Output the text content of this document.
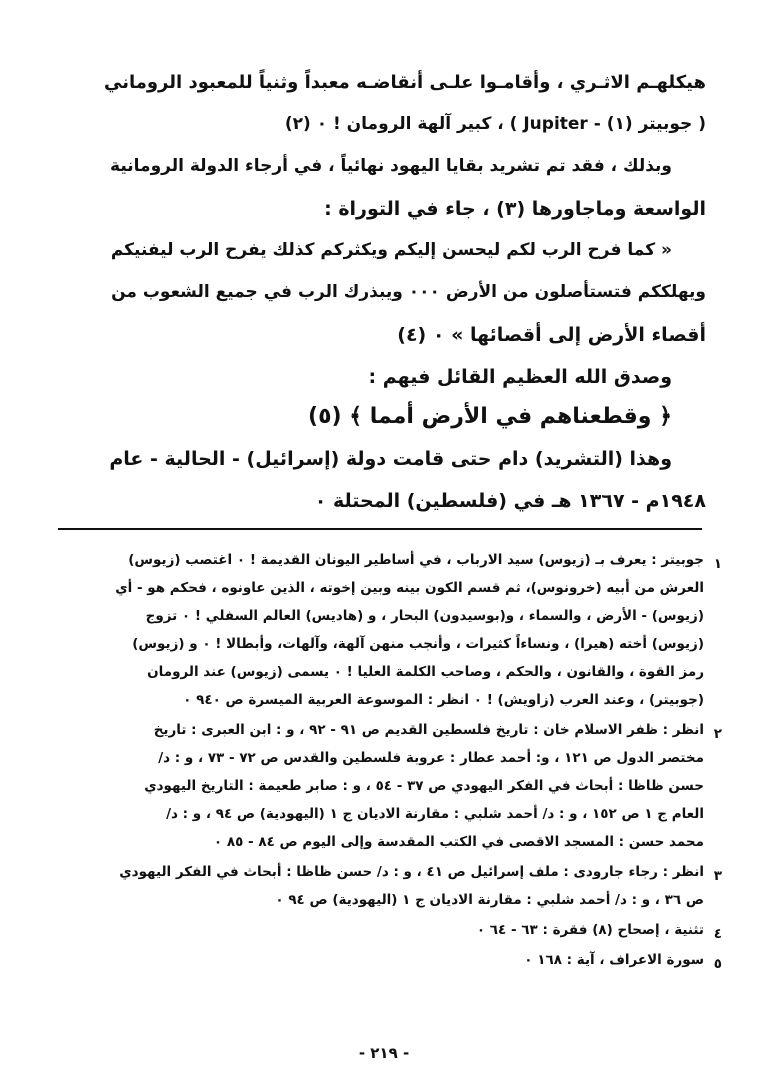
هيكلهـم الاثـري ، وأقامـوا علـى أنقاضـه معبداً وثنياً للمعبود الروماني
( جوبيتر (١) - Jupiter ) ، كبير آلهة الرومان ! ٠ (٢)
وبذلك ، فقد تم تشريد بقايا اليهود نهائياً ، في أرجاء الدولة الرومانية
الواسعة وماجاورها (٣) ، جاء في التوراة :
« كما فرح الرب لكم ليحسن إليكم ويكثركم كذلك يفرح الرب ليفنيكم
ويهلككم فتستأصلون من الأرض ٠٠٠ ويبذرك الرب في جميع الشعوب من
أقصاء الأرض إلى أقصائها » ٠ (٤)
وصدق الله العظيم القائل فيهم :
﴿ وقطعناهم في الأرض أمما ﴾ (٥)
وهذا (التشريد) دام حتى قامت دولة (إسرائيل) - الحالية - عام
١٩٤٨م - ١٣٦٧ هـ في (فلسطين) المحتلة ٠
١
جوبيتر : يعرف بـ (زيوس) سيد الارباب ، في أساطير اليونان القديمة ! ٠ اغتصب (زيوس)
العرش من أبيه (خرونوس)، ثم قسم الكون بينه وبين إخوته ، الذين عاونوه ، فحكم هو - أي
(زيوس) - الأرض ، والسماء ، و(بوسيدون) البحار ، و (هاديس) العالم السفلي ! ٠ تزوج
(زيوس) أخته (هيرا) ، ونساءاً كثيرات ، وأنجب منهن آلهة، وآلهات، وأبطالا ! ٠ و (زيوس)
رمز القوة ، والقانون ، والحكم ، وصاحب الكلمة العليا ! ٠ يسمى (زيوس) عند الرومان
(جوبيتر) ، وعند العرب (زاويش) ! ٠ انظر : الموسوعة العربية الميسرة ص ٩٤٠ ٠
٢
انظر : ظفر الاسلام خان : تاريخ فلسطين القديم ص ٩١ - ٩٢ ، و : ابن العبرى : تاريخ
مختصر الدول ص ١٢١ ، و: أحمد عطار : عروبة فلسطين والقدس ص ٧٢ - ٧٣ ، و : د/
حسن ظاظا : أبحاث في الفكر اليهودي ص ٣٧ - ٥٤ ، و : صابر طعيمة : التاريخ اليهودي
العام ج ١ ص ١٥٢ ، و : د/ أحمد شلبي : مقارنة الاديان ج ١ (اليهودية) ص ٩٤ ، و : د/
محمد حسن : المسجد الاقصى في الكتب المقدسة وإلى اليوم ص ٨٤ - ٨٥ ٠
٣
انظر : رجاء جارودى : ملف إسرائيل ص ٤١ ، و : د/ حسن ظاظا : أبحاث في الفكر اليهودي
ص ٣٦ ، و : د/ أحمد شلبي : مقارنة الاديان ج ١ (اليهودية) ص ٩٤ ٠
٤
تثنية ، إصحاح (٨) فقرة : ٦٣ - ٦٤ ٠
٥
سورة الاعراف ، آية : ١٦٨ ٠
- ٢١٩ -
